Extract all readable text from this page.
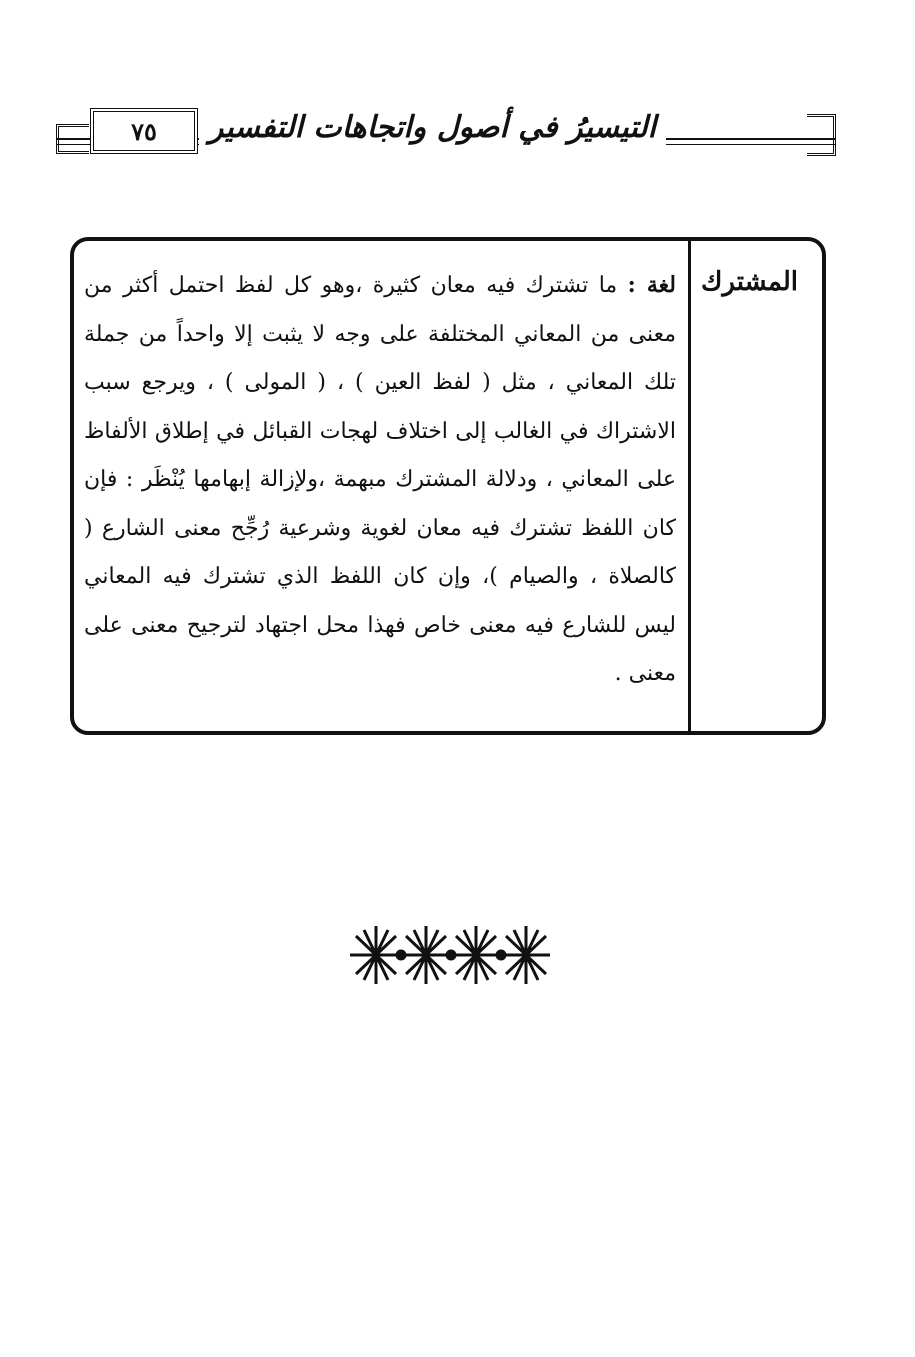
٧٥	التيسيرُ في أصول واتجاهات التفسير
المشترك

لغة : ما تشترك فيه معان كثيرة ،وهو كل لفظ احتمل أكثر من معنى من المعاني المختلفة على وجه لا يثبت إلا واحداً من جملة تلك المعاني ، مثل ( لفظ العين ) ، ( المولى ) ، ويرجع سبب الاشتراك في الغالب إلى اختلاف لهجات القبائل في إطلاق الألفاظ على المعاني ، ودلالة المشترك مبهمة ،ولإزالة إبهامها يُنْظَر : فإن كان اللفظ تشترك فيه معان لغوية وشرعية رُجِّح معنى الشارع ( كالصلاة ، والصيام )، وإن كان اللفظ الذي تشترك فيه المعاني ليس للشارع فيه معنى خاص فهذا محل اجتهاد لترجيح معنى على معنى .
